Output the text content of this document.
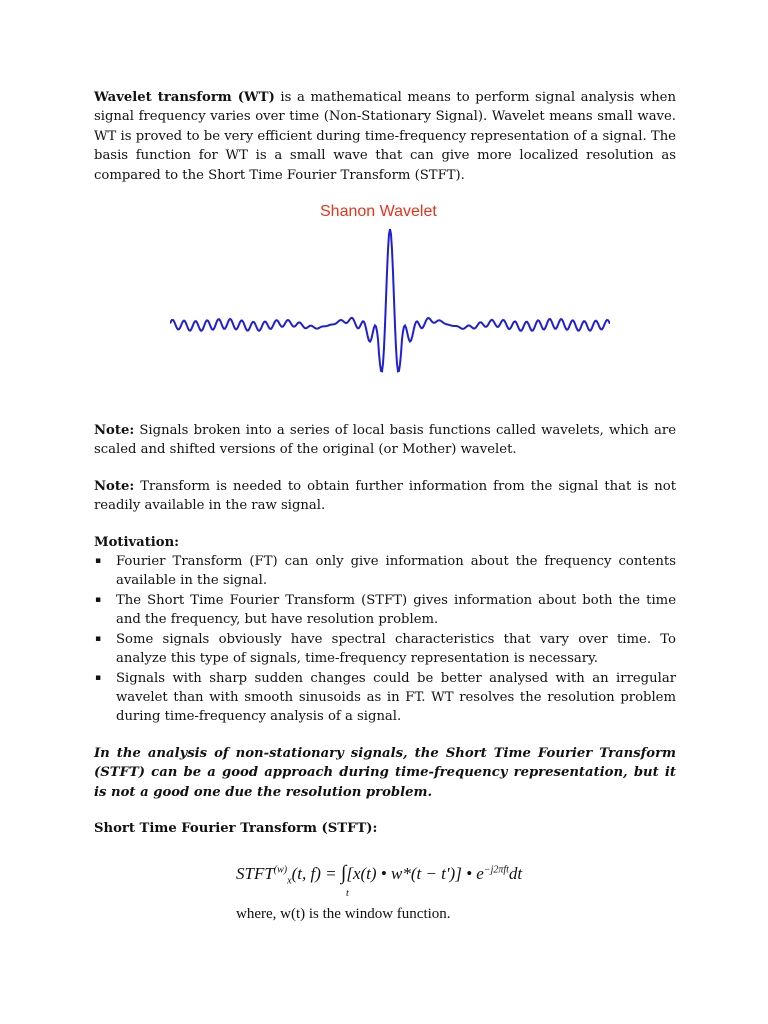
Wavelet transform (WT) is a mathematical means to perform signal analysis when signal frequency varies over time (Non-Stationary Signal). Wavelet means small wave. WT is proved to be very efficient during time-frequency representation of a signal. The basis function for WT is a small wave that can give more localized resolution as compared to the Short Time Fourier Transform (STFT).

Shanon Wavelet

Note: Signals broken into a series of local basis functions called wavelets, which are scaled and shifted versions of the original (or Mother) wavelet.

Note: Transform is needed to obtain further information from the signal that is not readily available in the raw signal.

Motivation:

▪ Fourier Transform (FT) can only give information about the frequency contents available in the signal.
▪ The Short Time Fourier Transform (STFT) gives information about both the time and the frequency, but have resolution problem.
▪ Some signals obviously have spectral characteristics that vary over time. To analyze this type of signals, time-frequency representation is necessary.
▪ Signals with sharp sudden changes could be better analysed with an irregular wavelet than with smooth sinusoids as in FT. WT resolves the resolution problem during time-frequency analysis of a signal.

In the analysis of non-stationary signals, the Short Time Fourier Transform (STFT) can be a good approach during time-frequency representation, but it is not a good one due the resolution problem.

Short Time Fourier Transform (STFT):

$STFT^{(w)}_x(t$, f) = ∫[x(t) • w*(t − t')] • $e^{-j2\pi ft}dt$
t
where, w(t) is the window function.
